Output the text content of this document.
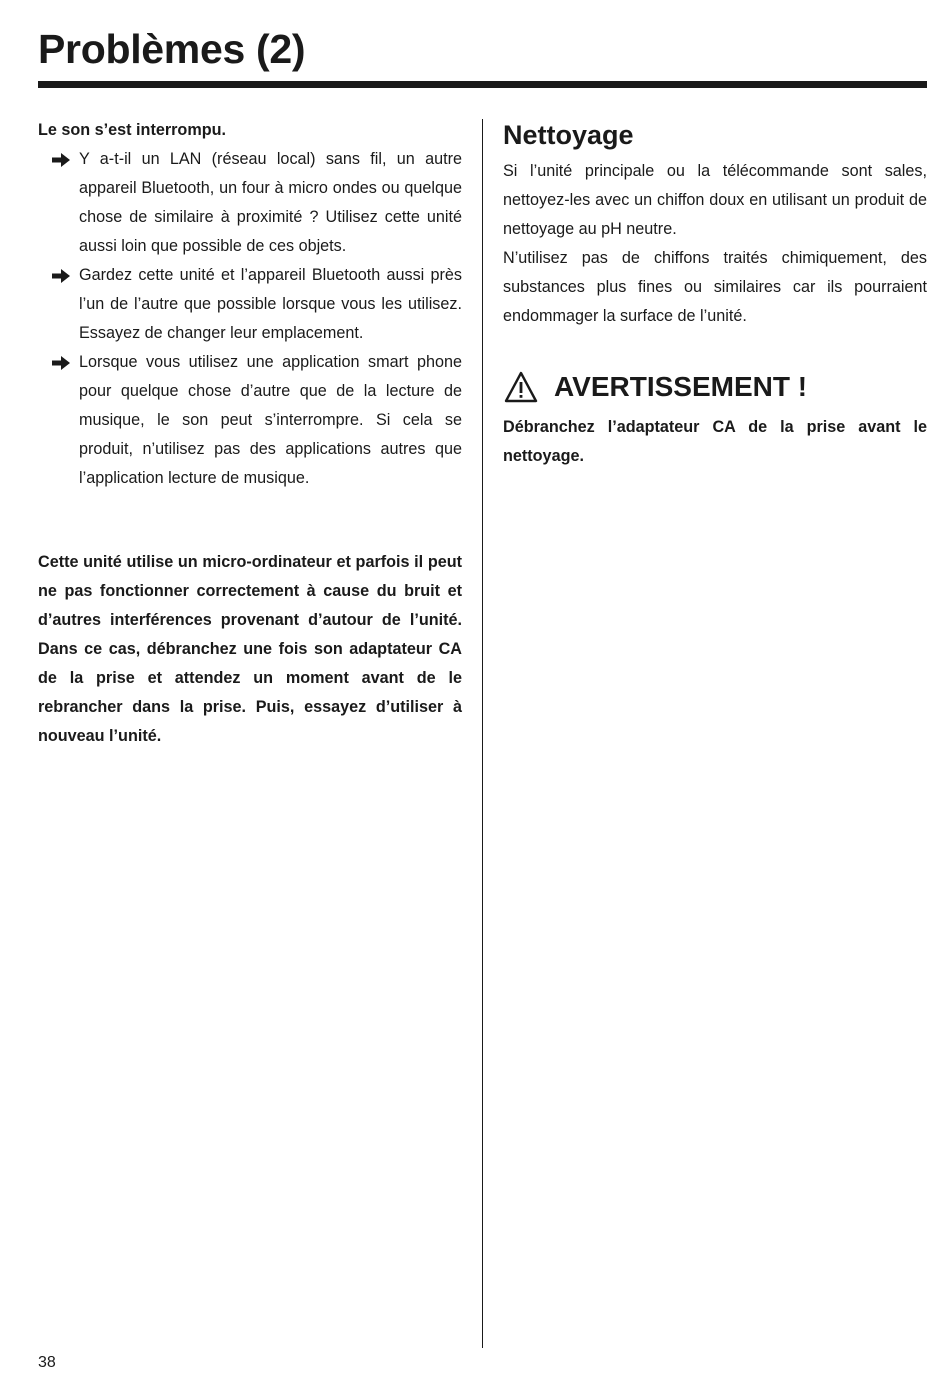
Problèmes (2)
Le son s’est interrompu.
Y a-t-il un LAN (réseau local) sans fil, un autre appareil Bluetooth, un four à micro ondes ou quelque chose de similaire à proximité ? Utilisez cette unité aussi loin que possible de ces objets.
Gardez cette unité et l’appareil Bluetooth aussi près l’un de l’autre que possible lorsque vous les utilisez. Essayez de changer leur emplacement.
Lorsque vous utilisez une application smart phone pour quelque chose d’autre que de la lecture de musique, le son peut s’interrompre. Si cela se produit, n’utilisez pas des applications autres que l’application lecture de musique.

Cette unité utilise un micro-ordinateur et parfois il peut ne pas fonctionner correctement à cause du bruit et d’autres interférences provenant d’autour de l’unité. Dans ce cas, débranchez une fois son adaptateur CA de la prise et attendez un moment avant de le rebrancher dans la prise. Puis, essayez d’utiliser à nouveau l’unité.

Nettoyage

Si l’unité principale ou la télécommande sont sales, nettoyez-les avec un chiffon doux en utilisant un produit de nettoyage au pH neutre.

N’utilisez pas de chiffons traités chimiquement, des substances plus fines ou similaires car ils pourraient endommager la surface de l’unité.

AVERTISSEMENT !

Débranchez l’adaptateur CA de la prise avant le nettoyage.

38
